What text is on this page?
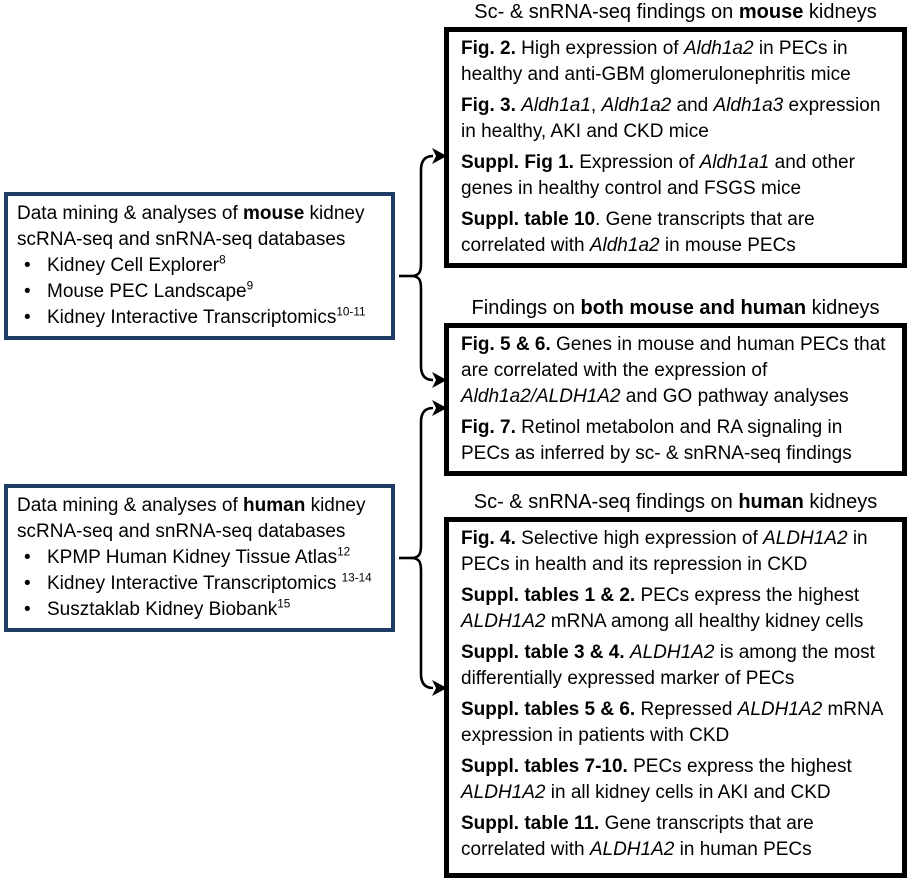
Data mining & analyses of mouse kidney scRNA-seq and snRNA-seq databases
• Kidney Cell Explorer$^8$
• Mouse PEC Landscape$^9$
• Kidney Interactive Transcriptomics$^{10-11}$
Data mining & analyses of human kidney scRNA-seq and snRNA-seq databases
• KPMP Human Kidney Tissue Atlas$^{12}$
• Kidney Interactive Transcriptomics $^{13-14}$
• Susztaklab Kidney Biobank$^{15}$
Sc- & snRNA-seq findings on mouse kidneys

Fig. 2. High expression of Aldh1a2 in PECs in healthy and anti-GBM glomerulonephritis mice

Fig. 3. Aldh1a1, Aldh1a2 and Aldh1a3 expression in healthy, AKI and CKD mice

Suppl. Fig 1. Expression of Aldh1a1 and other genes in healthy control and FSGS mice

Suppl. table 10. Gene transcripts that are correlated with Aldh1a2 in mouse PECs

Findings on both mouse and human kidneys

Fig. 5 & 6. Genes in mouse and human PECs that are correlated with the expression of Aldh1a2/ALDH1A2 and GO pathway analyses

Fig. 7. Retinol metabolon and RA signaling in PECs as inferred by sc- & snRNA-seq findings

Sc- & snRNA-seq findings on human kidneys

Fig. 4. Selective high expression of ALDH1A2 in PECs in health and its repression in CKD

Suppl. tables 1 & 2. PECs express the highest ALDH1A2 mRNA among all healthy kidney cells

Suppl. table 3 & 4. ALDH1A2 is among the most differentially expressed marker of PECs

Suppl. tables 5 & 6. Repressed ALDH1A2 mRNA expression in patients with CKD

Suppl. tables 7-10. PECs express the highest ALDH1A2 in all kidney cells in AKI and CKD

Suppl. table 11. Gene transcripts that are correlated with ALDH1A2 in human PECs
